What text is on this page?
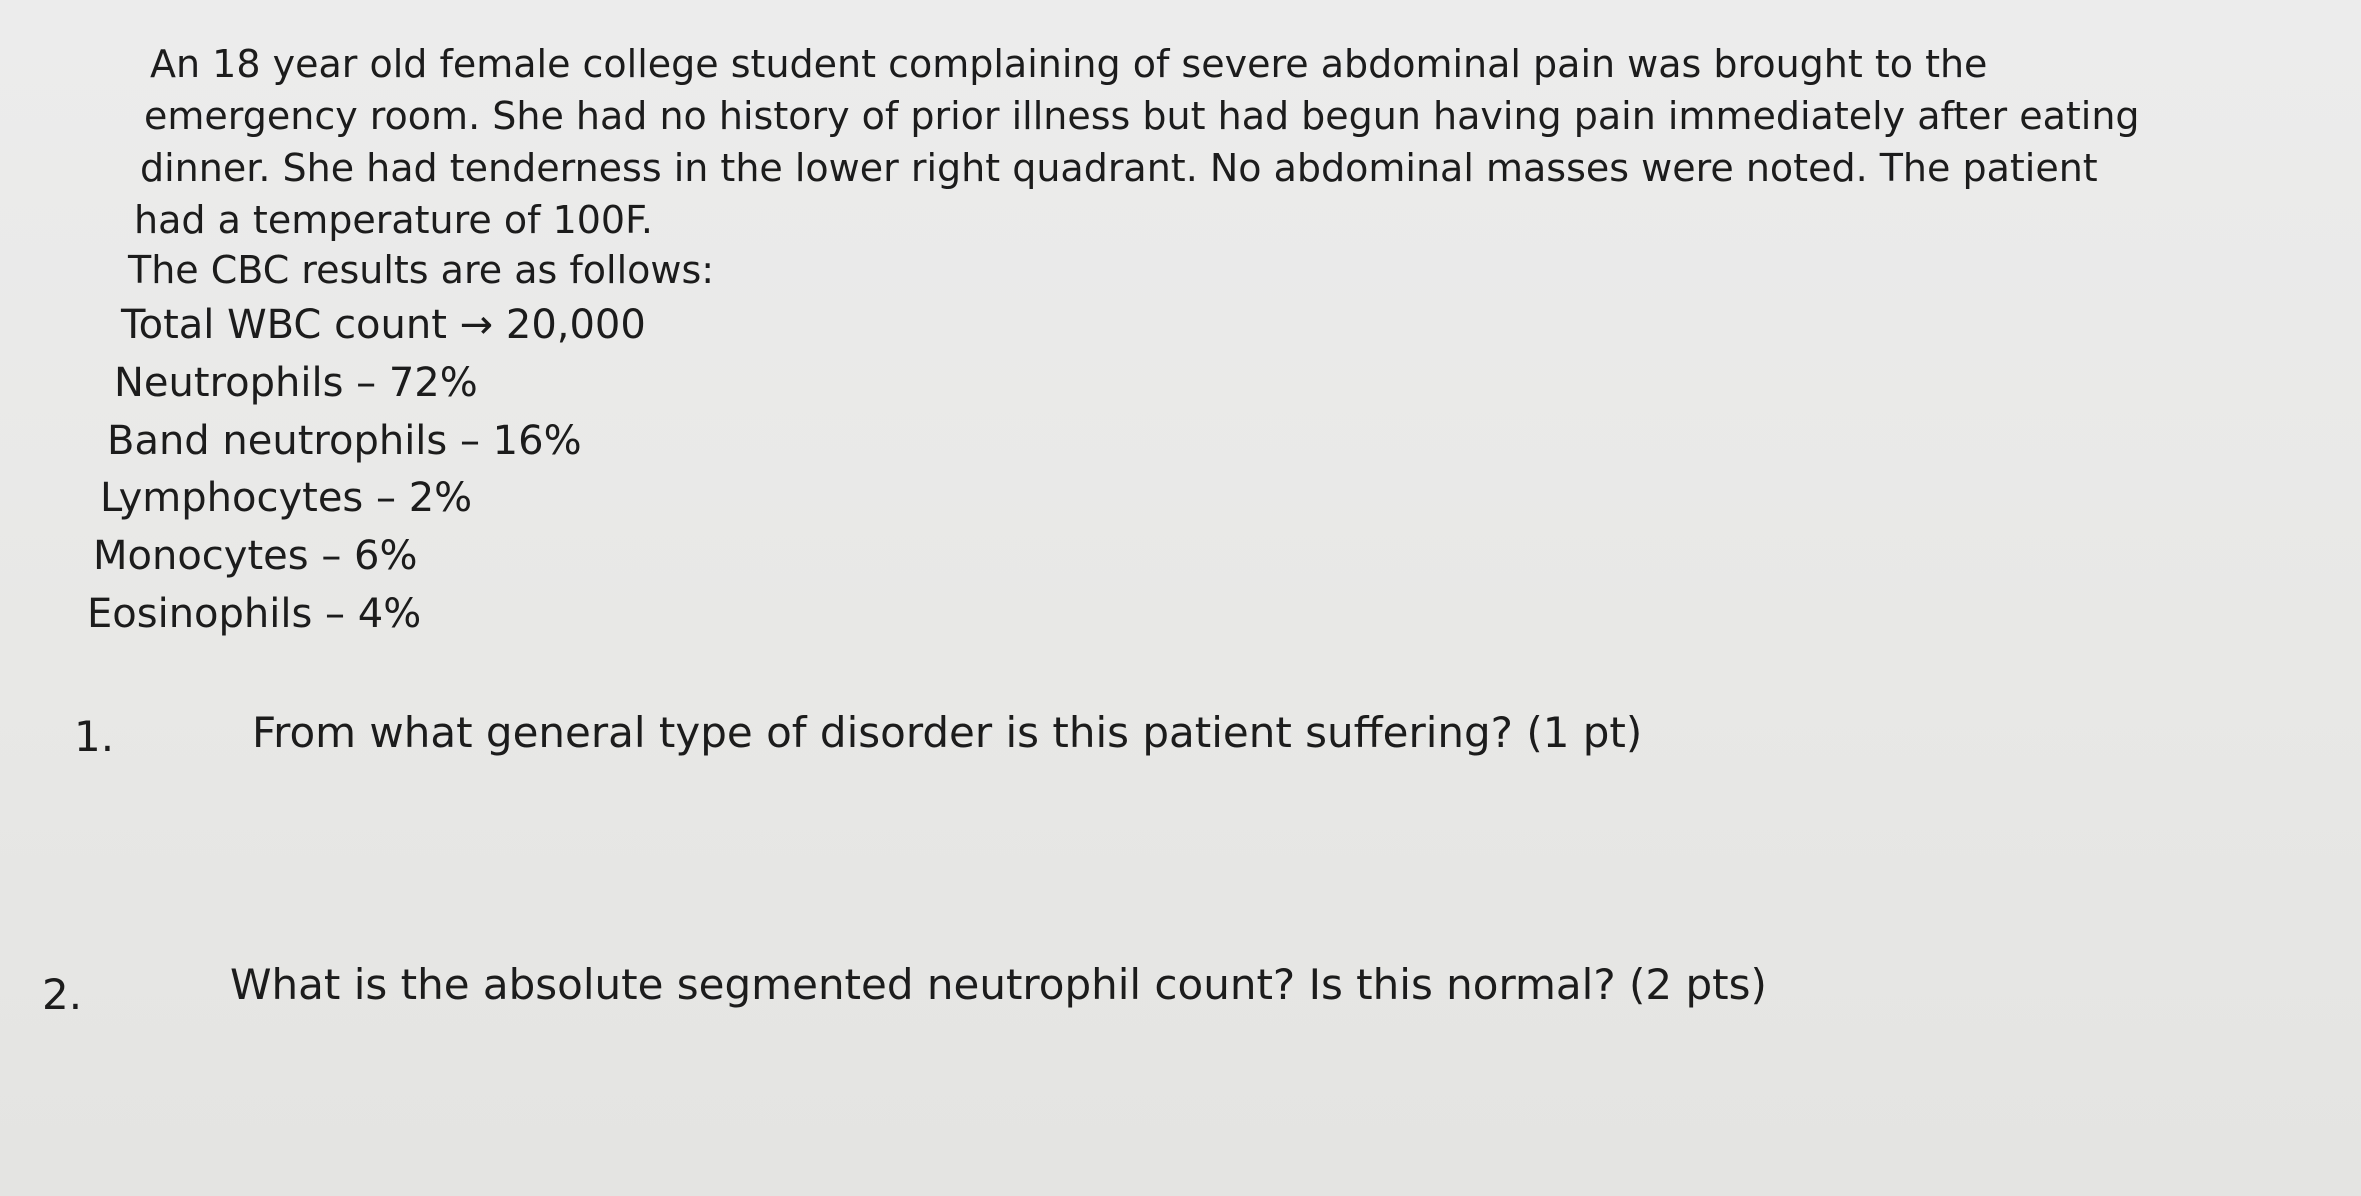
An 18 year old female college student complaining of severe abdominal pain was brought to the
emergency room. She had no history of prior illness but had begun having pain immediately after eating
dinner. She had tenderness in the lower right quadrant. No abdominal masses were noted. The patient
had a temperature of 100F.
The CBC results are as follows:
Total WBC count → 20,000
Neutrophils – 72%
Band neutrophils – 16%
Lymphocytes – 2%
Monocytes – 6%
Eosinophils – 4%
1.	From what general type of disorder is this patient suffering? (1 pt)
2.	What is the absolute segmented neutrophil count? Is this normal? (2 pts)
